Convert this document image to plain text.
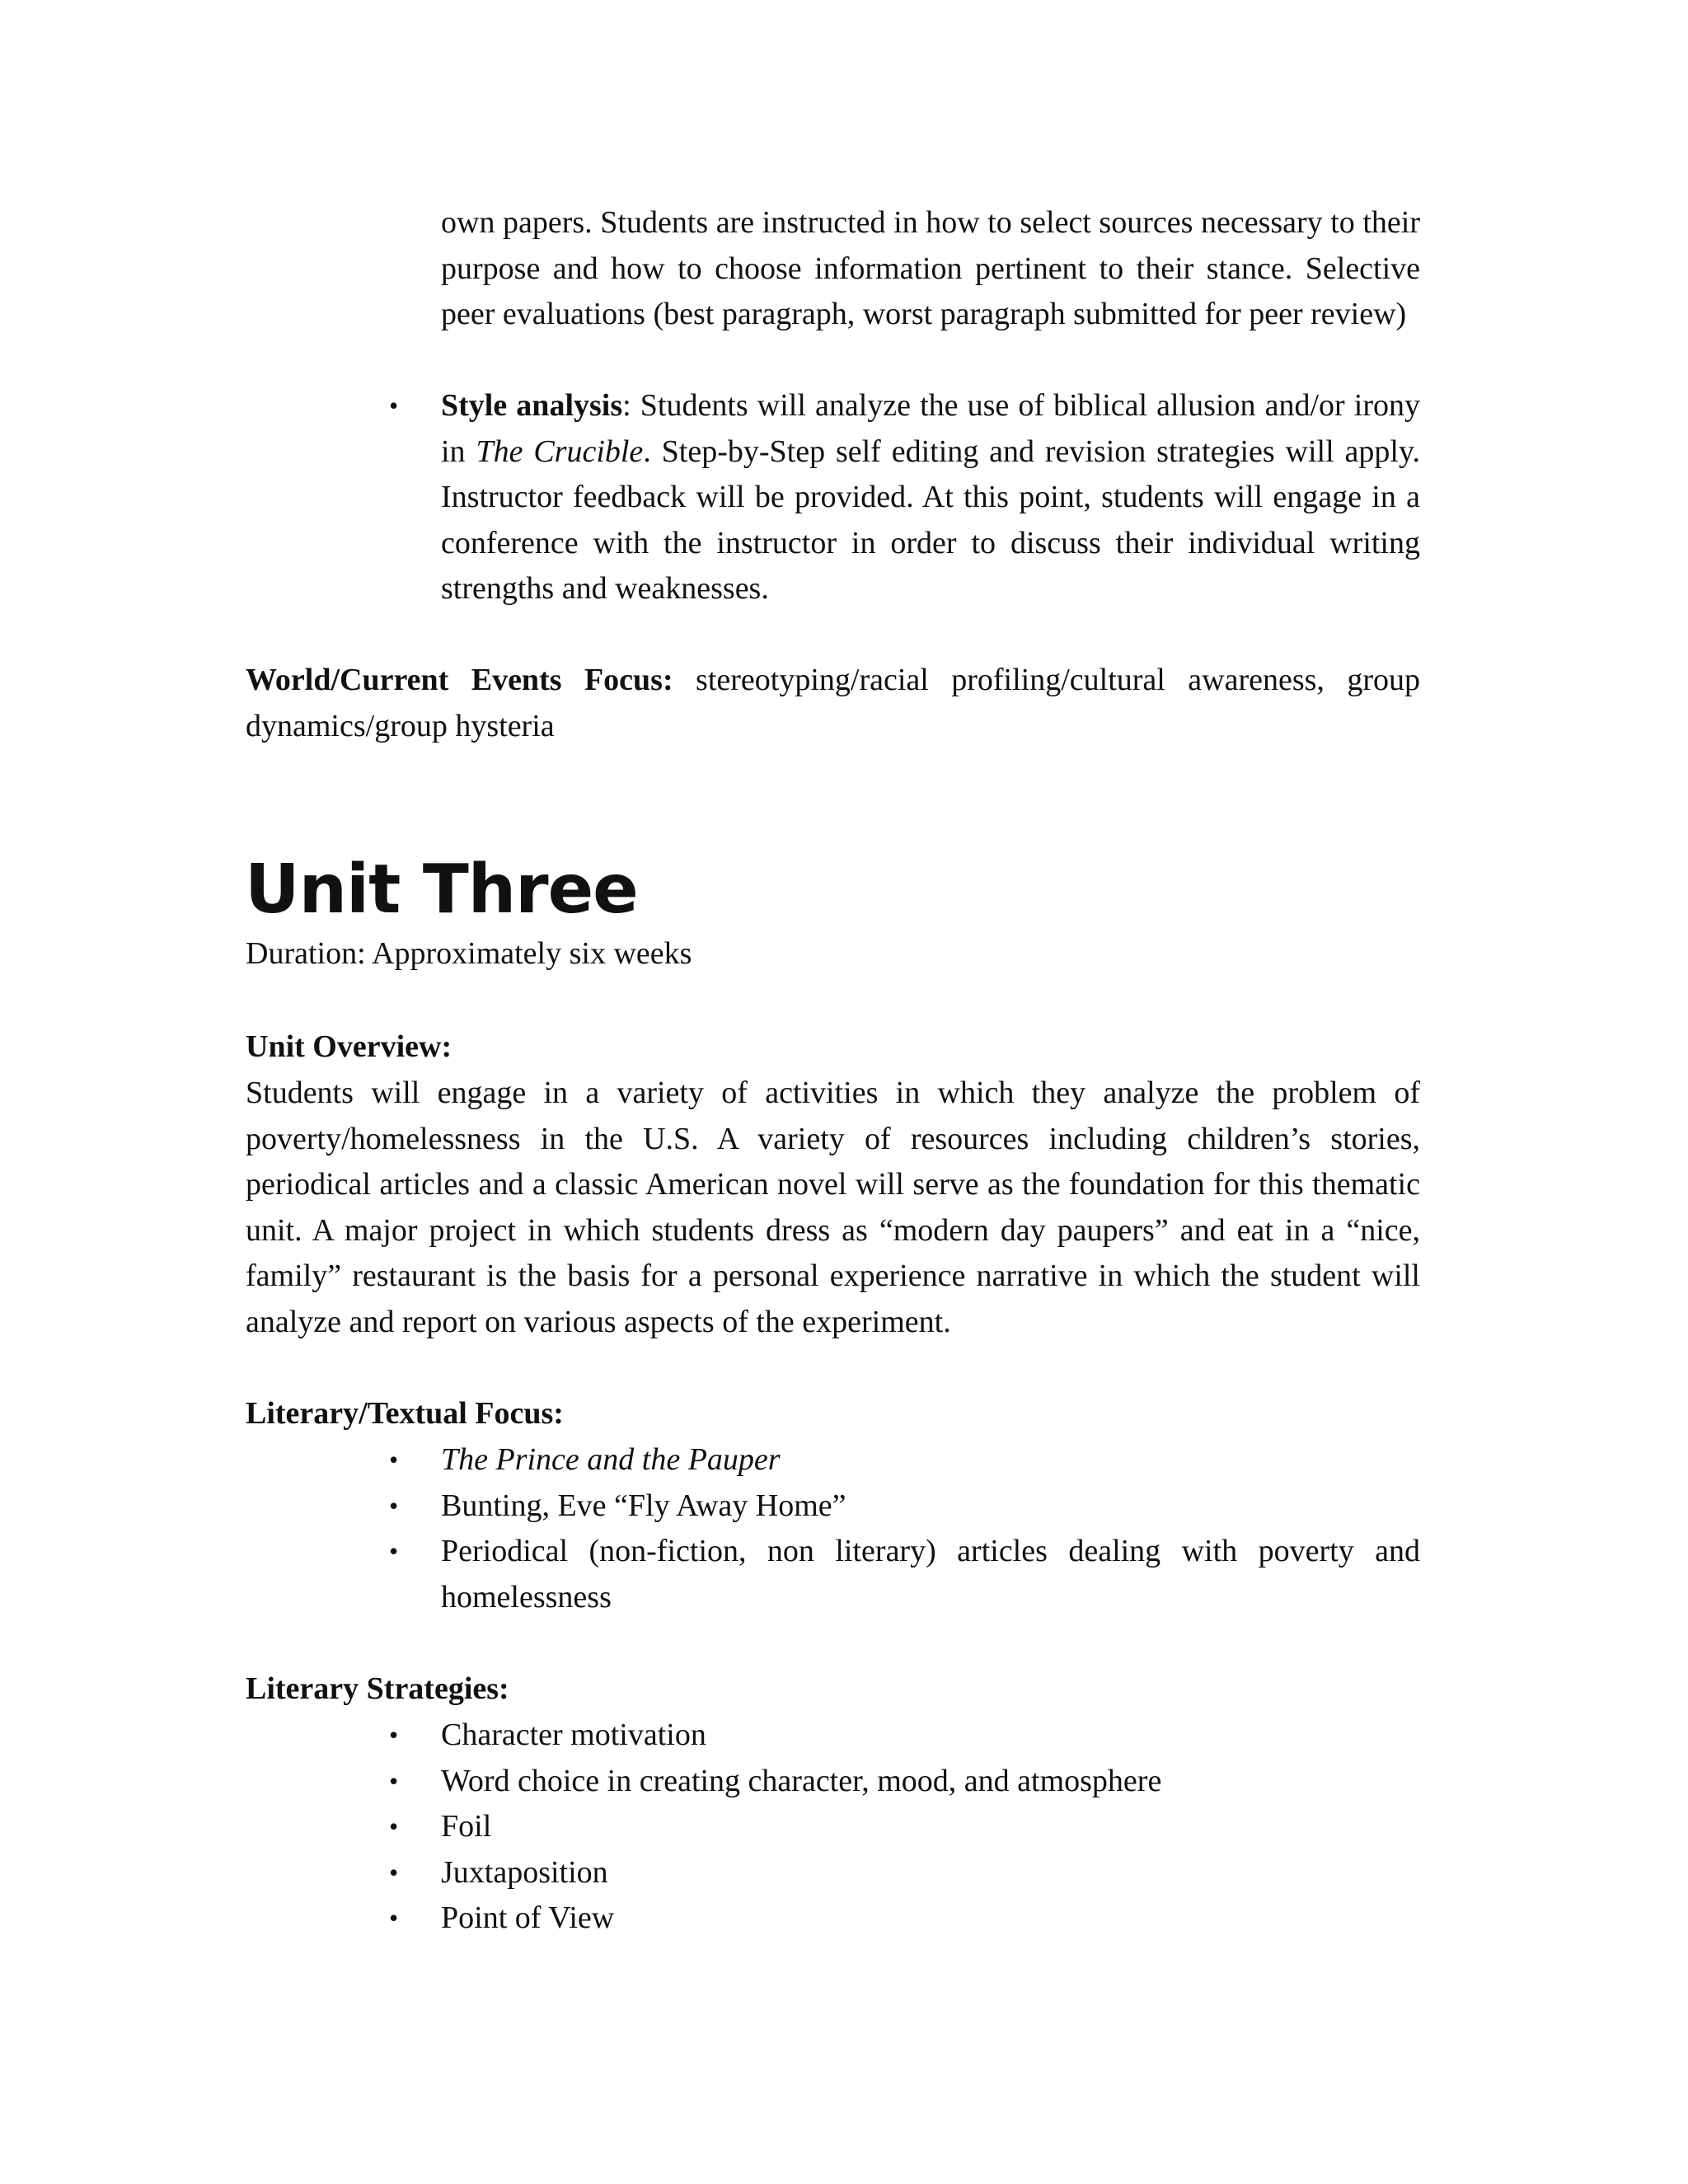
own papers. Students are instructed in how to select sources necessary to their purpose and how to choose information pertinent to their stance. Selective peer evaluations (best paragraph, worst paragraph submitted for peer review)
• Style analysis: Students will analyze the use of biblical allusion and/or irony in The Crucible. Step-by-Step self editing and revision strategies will apply. Instructor feedback will be provided. At this point, students will engage in a conference with the instructor in order to discuss their individual writing strengths and weaknesses.
World/Current Events Focus: stereotyping/racial profiling/cultural awareness, group dynamics/group hysteria
Unit Three
Duration: Approximately six weeks
Unit Overview:
Students will engage in a variety of activities in which they analyze the problem of poverty/homelessness in the U.S. A variety of resources including children’s stories, periodical articles and a classic American novel will serve as the foundation for this thematic unit. A major project in which students dress as “modern day paupers” and eat in a “nice, family” restaurant is the basis for a personal experience narrative in which the student will analyze and report on various aspects of the experiment.
Literary/Textual Focus:
• The Prince and the Pauper
• Bunting, Eve “Fly Away Home”
• Periodical (non-fiction, non literary) articles dealing with poverty and homelessness
Literary Strategies:
• Character motivation
• Word choice in creating character, mood, and atmosphere
• Foil
• Juxtaposition
• Point of View
